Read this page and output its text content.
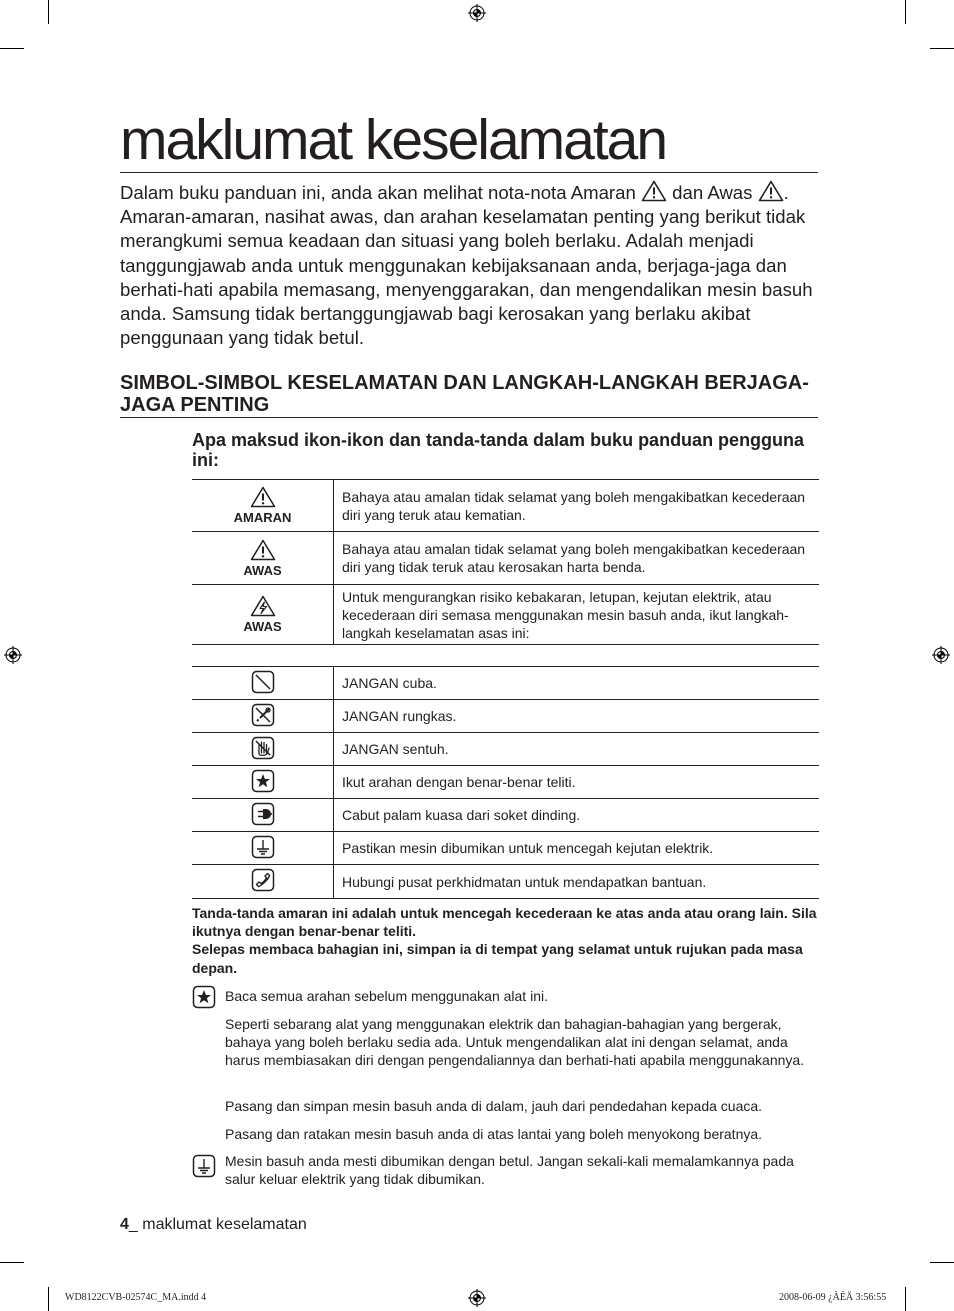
maklumat keselamatan
Dalam buku panduan ini, anda akan melihat nota-nota Amaran dan Awas . Amaran-amaran, nasihat awas, dan arahan keselamatan penting yang berikut tidak merangkumi semua keadaan dan situasi yang boleh berlaku. Adalah menjadi tanggungjawab anda untuk menggunakan kebijaksanaan anda, berjaga-jaga dan berhati-hati apabila memasang, menyenggarakan, dan mengendalikan mesin basuh anda. Samsung tidak bertanggungjawab bagi kerosakan yang berlaku akibat penggunaan yang tidak betul.
SIMBOL-SIMBOL KESELAMATAN DAN LANGKAH-LANGKAH BERJAGA-JAGA PENTING
Apa maksud ikon-ikon dan tanda-tanda dalam buku panduan pengguna ini:
AMARAN	Bahaya atau amalan tidak selamat yang boleh mengakibatkan kecederaan diri yang teruk atau kematian.

AWAS	Bahaya atau amalan tidak selamat yang boleh mengakibatkan kecederaan diri yang tidak teruk atau kerosakan harta benda.

AWAS	Untuk mengurangkan risiko kebakaran, letupan, kejutan elektrik, atau kecederaan diri semasa menggunakan mesin basuh anda, ikut langkah-langkah keselamatan asas ini:
	JANGAN cuba.
	JANGAN rungkas.
	JANGAN sentuh.
	Ikut arahan dengan benar-benar teliti.
	Cabut palam kuasa dari soket dinding.
	Pastikan mesin dibumikan untuk mencegah kejutan elektrik.
	Hubungi pusat perkhidmatan untuk mendapatkan bantuan.
Tanda-tanda amaran ini adalah untuk mencegah kecederaan ke atas anda atau orang lain. Sila ikutnya dengan benar-benar teliti.
Selepas membaca bahagian ini, simpan ia di tempat yang selamat untuk rujukan pada masa depan.
Baca semua arahan sebelum menggunakan alat ini.
Seperti sebarang alat yang menggunakan elektrik dan bahagian-bahagian yang bergerak, bahaya yang boleh berlaku sedia ada. Untuk mengendalikan alat ini dengan selamat, anda harus membiasakan diri dengan pengendaliannya dan berhati-hati apabila menggunakannya.
Pasang dan simpan mesin basuh anda di dalam, jauh dari pendedahan kepada cuaca.
Pasang dan ratakan mesin basuh anda di atas lantai yang boleh menyokong beratnya.
Mesin basuh anda mesti dibumikan dengan betul. Jangan sekali-kali memalamkannya pada salur keluar elektrik yang tidak dibumikan.
4_ maklumat keselamatan
WD8122CVB-02574C_MA.indd 4	2008-06-09 ¿ÀÈÄ 3:56:55
